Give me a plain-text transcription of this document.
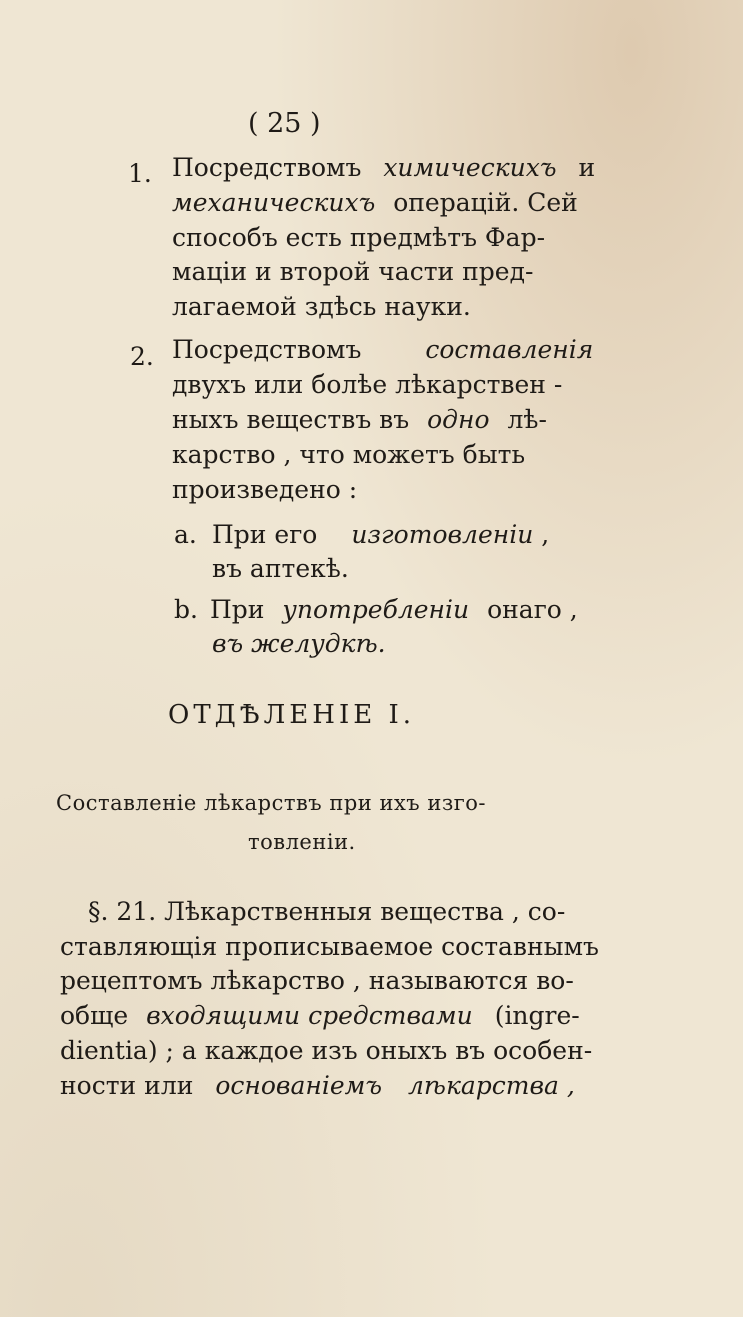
( 25 )
1. Посредствомъ химическихъ и
механическихъ операцій. Сей
способъ есть предмѣтъ Фар-
маціи и второй части пред-
лагаемой здѣсь науки.
2. Посредствомъ	составленія
двухъ или болѣе лѣкарствен -
ныхъ веществъ въ одно лѣ-
карство , что можетъ быть
произведено :
a. При его изготовленіи ,
въ аптекѣ.
b. При употребленіи онаго ,
въ желудкѣ.
ОТДѢЛЕНІЕ I.
Составленіе лѣкарствъ при ихъ изго-
товленіи.
§. 21. Лѣкарственныя вещества , со-
ставляющія прописываемое составнымъ
рецептомъ лѣкарство , называются во-
обще входящими средствами (ingre-
dientia) ; а каждое изъ оныхъ въ особен-
ности или основаніемъ лѣкарства ,
